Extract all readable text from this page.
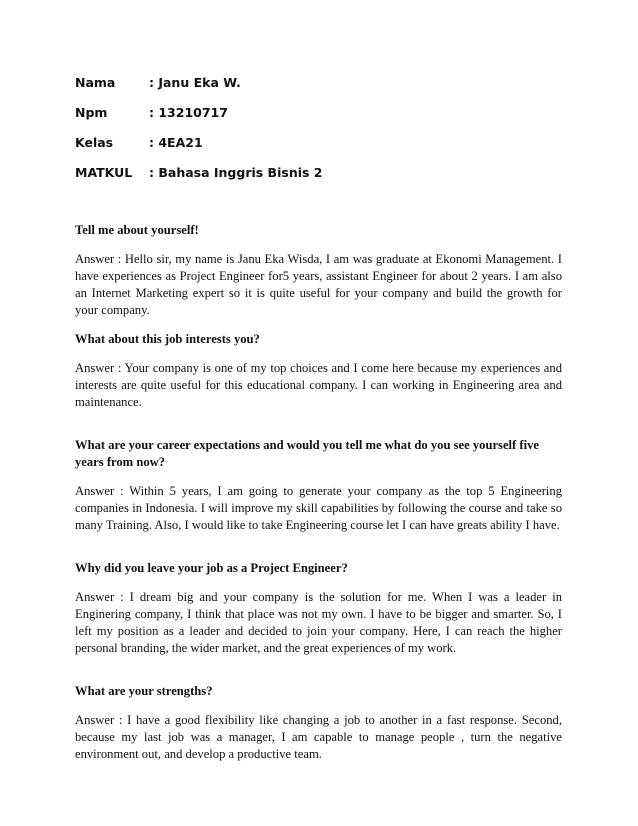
Nama	: Janu Eka W.
Npm	: 13210717
Kelas	: 4EA21
MATKUL	: Bahasa Inggris Bisnis 2

Tell me about yourself!

Answer : Hello sir, my name is Janu Eka Wisda, I am was graduate at Ekonomi Management. I have experiences as Project Engineer for5 years, assistant Engineer for about 2 years. I am also an Internet Marketing expert so it is quite useful for your company and build the growth for your company.

What about this job interests you?

Answer : Your company is one of my top choices and I come here because my experiences and interests are quite useful for this educational company. I can working in Engineering area and maintenance.

What are your career expectations and would you tell me what do you see yourself five years from now?

Answer : Within 5 years, I am going to generate your company as the top 5 Engineering companies in Indonesia. I will improve my skill capabilities by following the course and take so many Training. Also, I would like to take Engineering course let I can have greats ability I have.

Why did you leave your job as a Project Engineer?

Answer : I dream big and your company is the solution for me. When I was a leader in Enginering company, I think that place was not my own. I have to be bigger and smarter. So, I left my position as a leader and decided to join your company. Here, I can reach the higher personal branding, the wider market, and the great experiences of my work.

What are your strengths?

Answer : I have a good flexibility like changing a job to another in a fast response. Second, because my last job was a manager, I am capable to manage people , turn the negative environment out, and develop a productive team.
